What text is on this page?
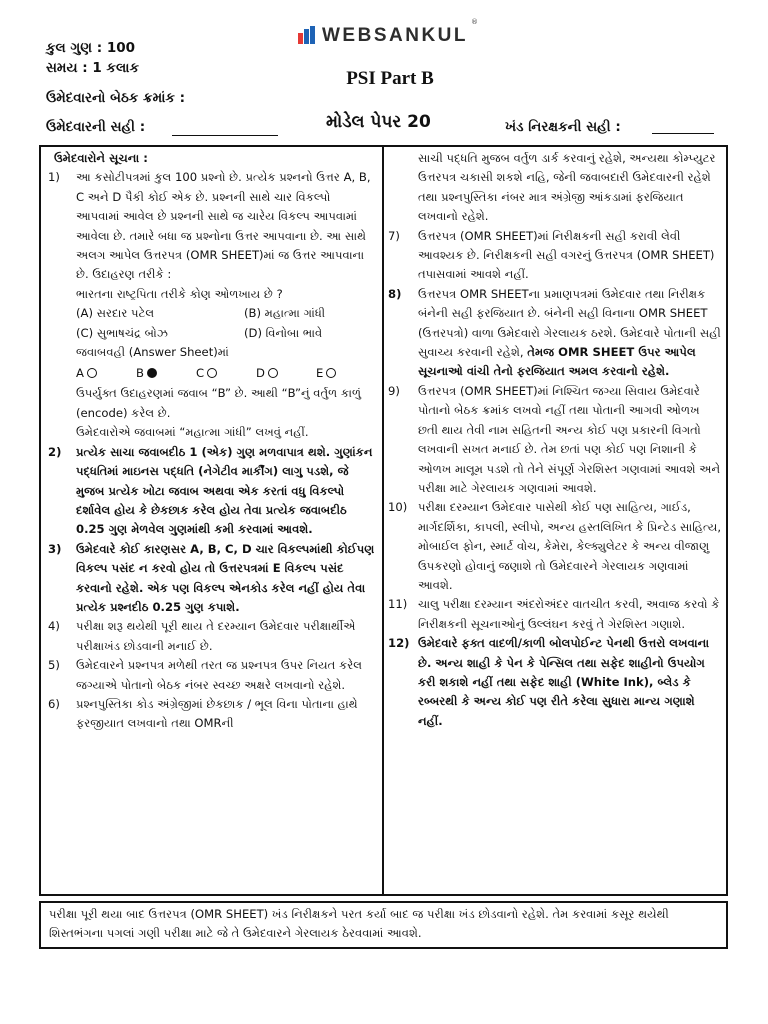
કુલ ગુણ : 100
સમય : 1 કલાક
ઉમેદવારનો બેઠક ક્રમાંક :
ઉમેદવારની સહી :
WEBSANKUL
®
PSI Part B
મોડેલ પેપર 20	ખંડ નિરક્ષકની સહી :

ઉમેદવારોને સૂચના :

1)	આ કસોટીપત્રમાં કુલ 100 પ્રશ્નો છે. પ્રત્યેક પ્રશ્નનો ઉત્તર A, B, C અને D પૈકી કોઈ એક છે. પ્રશ્નની સાથે ચાર વિકલ્પો આપવામાં આવેલ છે પ્રશ્નની સાથે જ ચારેય વિકલ્પ આપવામાં આવેલા છે. તમારે બધા જ પ્રશ્નોના ઉત્તર આપવાના છે. આ સાથે અલગ આપેલ ઉત્તરપત્ર (OMR SHEET)માં જ ઉત્તર આપવાના છે. ઉદાહરણ તરીકે :

ભારતના રાષ્ટ્રપિતા તરીકે કોણ ઓળખાય છે ?

(A) સરદાર પટેલ	(B) મહાત્મા ગાંધી
(C) સુભાષચંદ્ર બોઝ	(D) વિનોબા ભાવે

જવાબવહી (Answer Sheet)માં

A	B	C	D	E

ઉપર્યુક્ત ઉદાહરણમાં જવાબ “B” છે. આથી “B”નું વર્તુળ કાળું (encode) કરેલ છે.

ઉમેદવારોએ જવાબમાં “મહાત્મા ગાંધી” લખવું નહીં.

2)	પ્રત્યેક સાચા જવાબદીઠ 1 (એક) ગુણ મળવાપાત્ર થશે. ગુણાંકન પદ્ધતિમાં માઇનસ પદ્ધતિ (નેગેટીવ માર્કીંગ) લાગુ પડશે, જે મુજબ પ્રત્યેક ખોટા જવાબ અથવા એક કરતાં વધુ વિકલ્પો દર્શાવેલ હોય કે છેકછાક કરેલ હોય તેવા પ્રત્યેક જવાબદીઠ 0.25 ગુણ મેળવેલ ગુણમાંથી કમી કરવામાં આવશે.
3)	ઉમેદવારે કોઈ કારણસર A, B, C, D ચાર વિકલ્પમાંથી કોઈપણ વિકલ્પ પસંદ ન કરવો હોય તો ઉત્તરપત્રમાં E વિકલ્પ પસંદ કરવાનો રહેશે. એક પણ વિકલ્પ એનકોડ કરેલ નહીં હોય તેવા પ્રત્યેક પ્રશ્નદીઠ 0.25 ગુણ કપાશે.
4)	પરીક્ષા શરૂ થયેથી પૂરી થાય તે દરમ્યાન ઉમેદવાર પરીક્ષાર્થીએ પરીક્ષાખંડ છોડવાની મનાઈ છે.
5)	ઉમેદવારને પ્રશ્નપત્ર મળેથી તરત જ પ્રશ્નપત્ર ઉપર નિયત કરેલ જગ્યાએ પોતાનો બેઠક નંબર સ્વચ્છ અક્ષરે લખવાનો રહેશે.
6)	પ્રશ્નપુસ્તિકા કોડ અંગ્રેજીમાં છેકછાક / ભૂલ વિના પોતાના હાથે ફરજીયાત લખવાનો તથા OMRની
સાચી પદ્ધતિ મુજબ વર્તુળ ડાર્ક કરવાનું રહેશે, અન્યથા કોમ્પ્યુટર ઉત્તરપત્ર ચકાસી શકશે નહિ, જેની જવાબદારી ઉમેદવારની રહેશે તથા પ્રશ્નપુસ્તિકા નંબર માત્ર અંગ્રેજી આંકડામાં ફરજિયાત લખવાનો રહેશે.
7)	ઉત્તરપત્ર (OMR SHEET)માં નિરીક્ષકની સહી કરાવી લેવી આવશ્યક છે. નિરીક્ષકની સહી વગરનું ઉત્તરપત્ર (OMR SHEET) તપાસવામાં આવશે નહીં.
8)	ઉત્તરપત્ર OMR SHEETના પ્રમાણપત્રમાં ઉમેદવાર તથા નિરીક્ષક બંનેની સહી ફરજિયાત છે. બંનેની સહી વિનાના OMR SHEET (ઉત્તરપત્રો) વાળા ઉમેદવારો ગેરલાયક ઠરશે. ઉમેદવારે પોતાની સહી સુવાચ્ય કરવાની રહેશે, તેમજ OMR SHEET ઉપર આપેલ સૂચનાઓ વાંચી તેનો ફરજિયાત અમલ કરવાનો રહેશે.
9)	ઉત્તરપત્ર (OMR SHEET)માં નિશ્ચિત જગ્યા સિવાય ઉમેદવારે પોતાનો બેઠક ક્રમાંક લખવો નહીં તથા પોતાની આગવી ઓળખ છતી થાય તેવી નામ સહિતની અન્ય કોઈ પણ પ્રકારની વિગતો લખવાની સખત મનાઈ છે. તેમ છતાં પણ કોઈ પણ નિશાની કે ઓળખ માલૂમ પડશે તો તેને સંપૂર્ણ ગેરશિસ્ત ગણવામાં આવશે અને પરીક્ષા માટે ગેરલાયક ગણવામાં આવશે.
10) પરીક્ષા દરમ્યાન ઉમેદવાર પાસેથી કોઈ પણ સાહિત્ય, ગાઈડ, માર્ગદર્શિકા, કાપલી, સ્લીપો, અન્ય હસ્તલિખિત કે પ્રિન્ટેડ સાહિત્ય, મોબાઈલ ફોન, સ્માર્ટ વોચ, કેમેરા, કેલ્ક્યુલેટર કે અન્ય વીજાણુ ઉપકરણો હોવાનું જણાશે તો ઉમેદવારને ગેરલાયક ગણવામાં આવશે.
11) ચાલુ પરીક્ષા દરમ્યાન અંદરોઅંદર વાતચીત કરવી, અવાજ કરવો કે નિરીક્ષકની સૂચનાઓનું ઉલ્લંઘન કરવું તે ગેરશિસ્ત ગણાશે.
12) ઉમેદવારે ફક્ત વાદળી/કાળી બોલપોઈન્ટ પેનથી ઉત્તરો લખવાના છે. અન્ય શાહી કે પેન કે પેન્સિલ તથા સફેદ શાહીનો ઉપયોગ કરી શકાશે નહીં તથા સફેદ શાહી (White Ink), બ્લેડ કે રબ્બરથી કે અન્ય કોઈ પણ રીતે કરેલા સુધારા માન્ય ગણાશે નહીં.
પરીક્ષા પૂરી થયા બાદ ઉત્તરપત્ર (OMR SHEET) ખંડ નિરીક્ષકને પરત કર્યા બાદ જ પરીક્ષા ખંડ છોડવાનો રહેશે. તેમ કરવામાં કસૂર થયેથી શિસ્તભંગના પગલાં ગણી પરીક્ષા માટે જે તે ઉમેદવારને ગેરલાયક ઠેરવવામાં આવશે.
